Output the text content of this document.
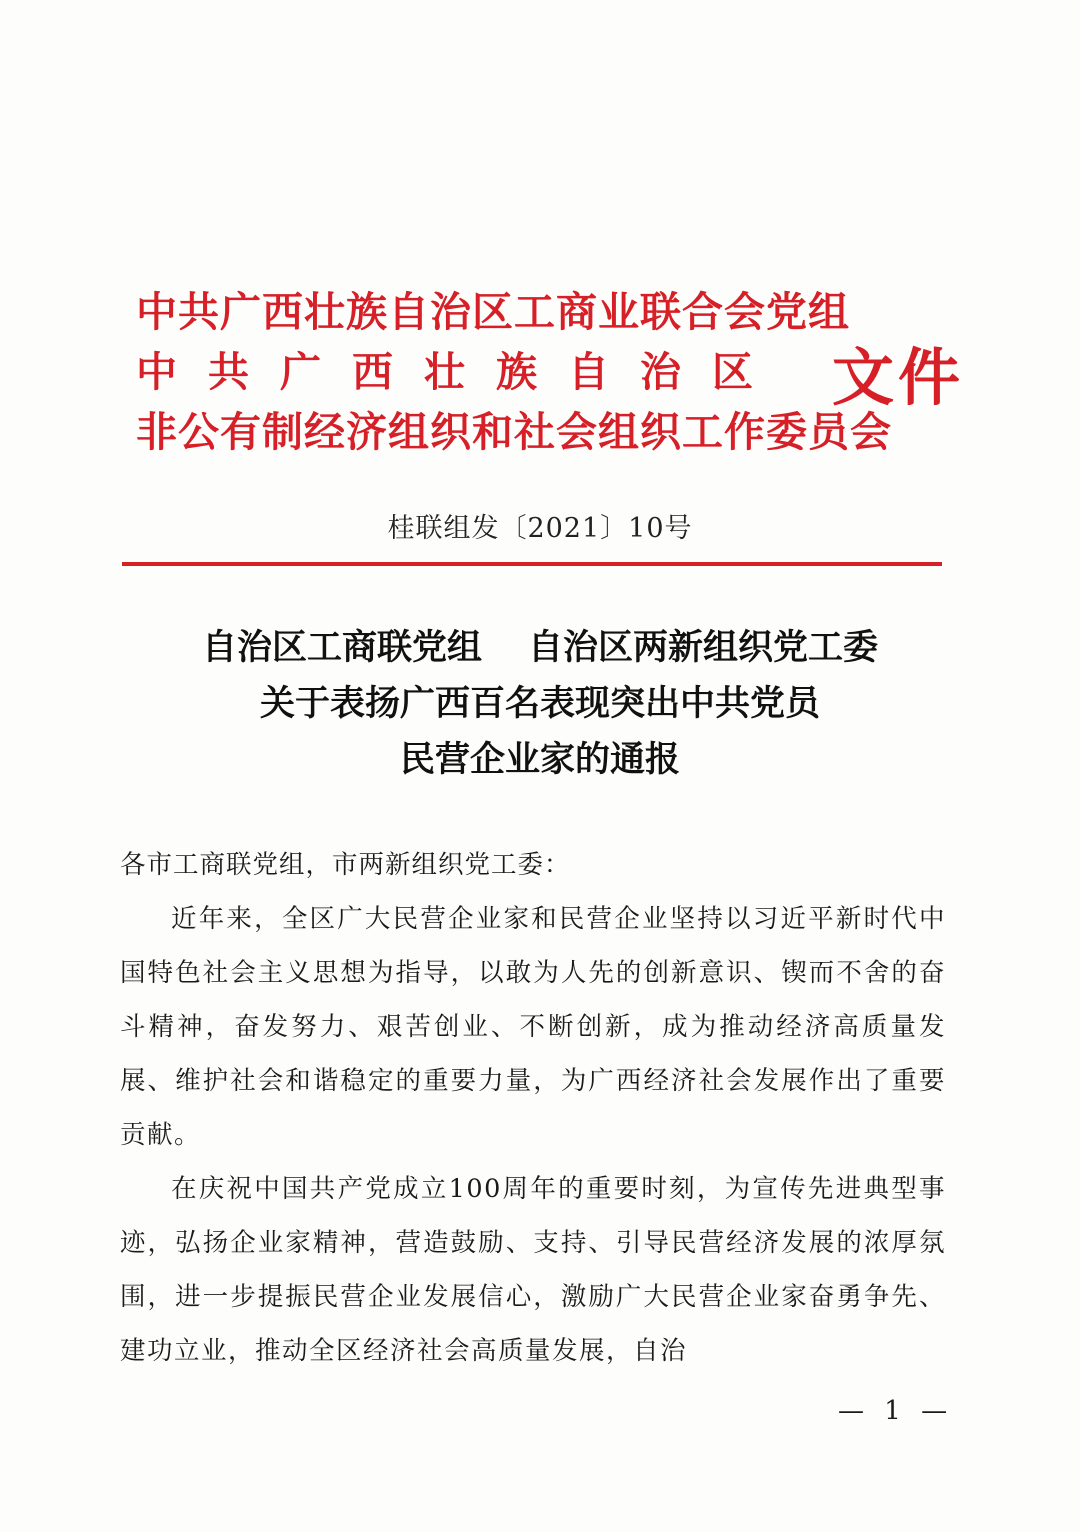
中共广西壮族自治区工商业联合会党组
中共广西壮族自治区
非公有制经济组织和社会组织工作委员会
文件
桂联组发〔2021〕10号
自治区工商联党组 自治区两新组织党工委
关于表扬广西百名表现突出中共党员
民营企业家的通报
各市工商联党组，市两新组织党工委：

近年来，全区广大民营企业家和民营企业坚持以习近平新时代中国特色社会主义思想为指导，以敢为人先的创新意识、锲而不舍的奋斗精神，奋发努力、艰苦创业、不断创新，成为推动经济高质量发展、维护社会和谐稳定的重要力量，为广西经济社会发展作出了重要贡献。

在庆祝中国共产党成立100周年的重要时刻，为宣传先进典型事迹，弘扬企业家精神，营造鼓励、支持、引导民营经济发展的浓厚氛围，进一步提振民营企业发展信心，激励广大民营企业家奋勇争先、建功立业，推动全区经济社会高质量发展，自治

— 1 —
